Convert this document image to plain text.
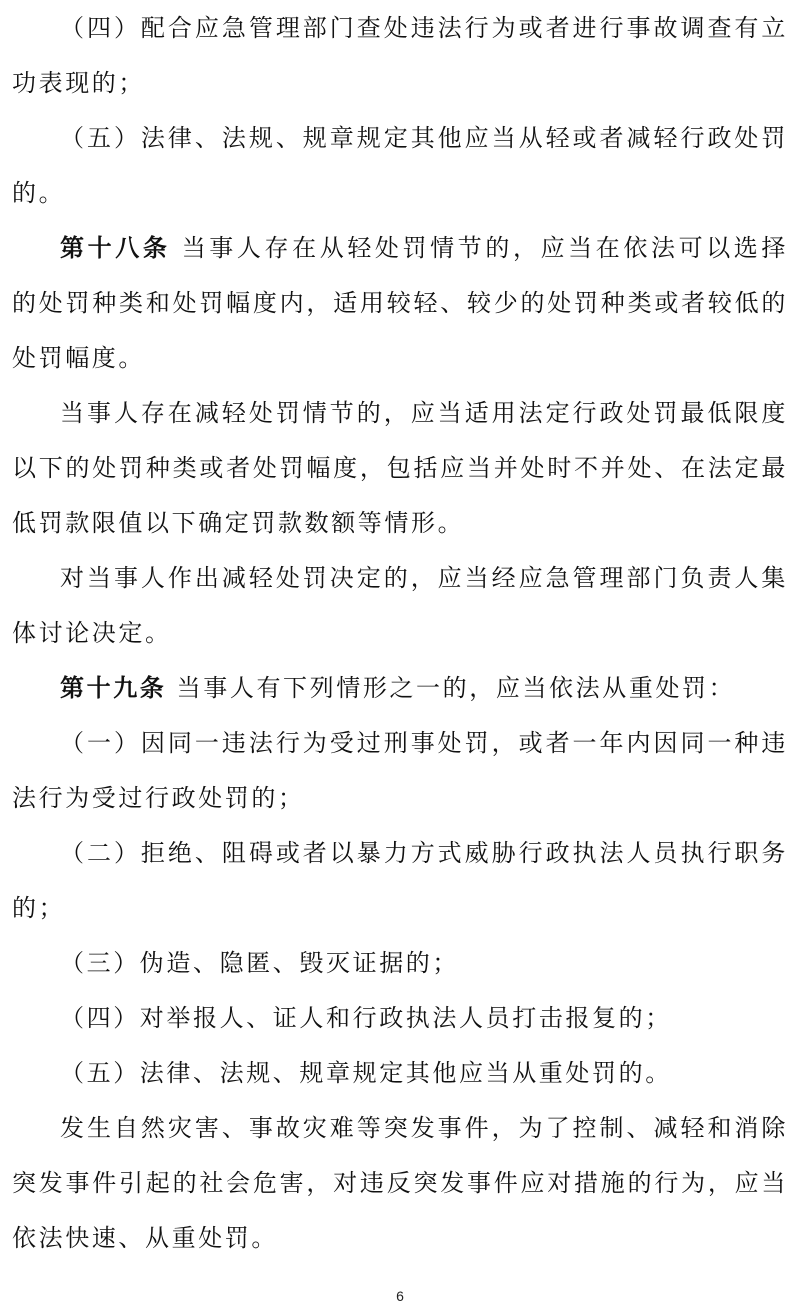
（四）配合应急管理部门查处违法行为或者进行事故调查有立功表现的；

（五）法律、法规、规章规定其他应当从轻或者减轻行政处罚的。

第十八条 当事人存在从轻处罚情节的，应当在依法可以选择的处罚种类和处罚幅度内，适用较轻、较少的处罚种类或者较低的处罚幅度。

当事人存在减轻处罚情节的，应当适用法定行政处罚最低限度以下的处罚种类或者处罚幅度，包括应当并处时不并处、在法定最低罚款限值以下确定罚款数额等情形。

对当事人作出减轻处罚决定的，应当经应急管理部门负责人集体讨论决定。

第十九条 当事人有下列情形之一的，应当依法从重处罚：

（一）因同一违法行为受过刑事处罚，或者一年内因同一种违法行为受过行政处罚的；

（二）拒绝、阻碍或者以暴力方式威胁行政执法人员执行职务的；

（三）伪造、隐匿、毁灭证据的；

（四）对举报人、证人和行政执法人员打击报复的；

（五）法律、法规、规章规定其他应当从重处罚的。

发生自然灾害、事故灾难等突发事件，为了控制、减轻和消除突发事件引起的社会危害，对违反突发事件应对措施的行为，应当依法快速、从重处罚。

6
